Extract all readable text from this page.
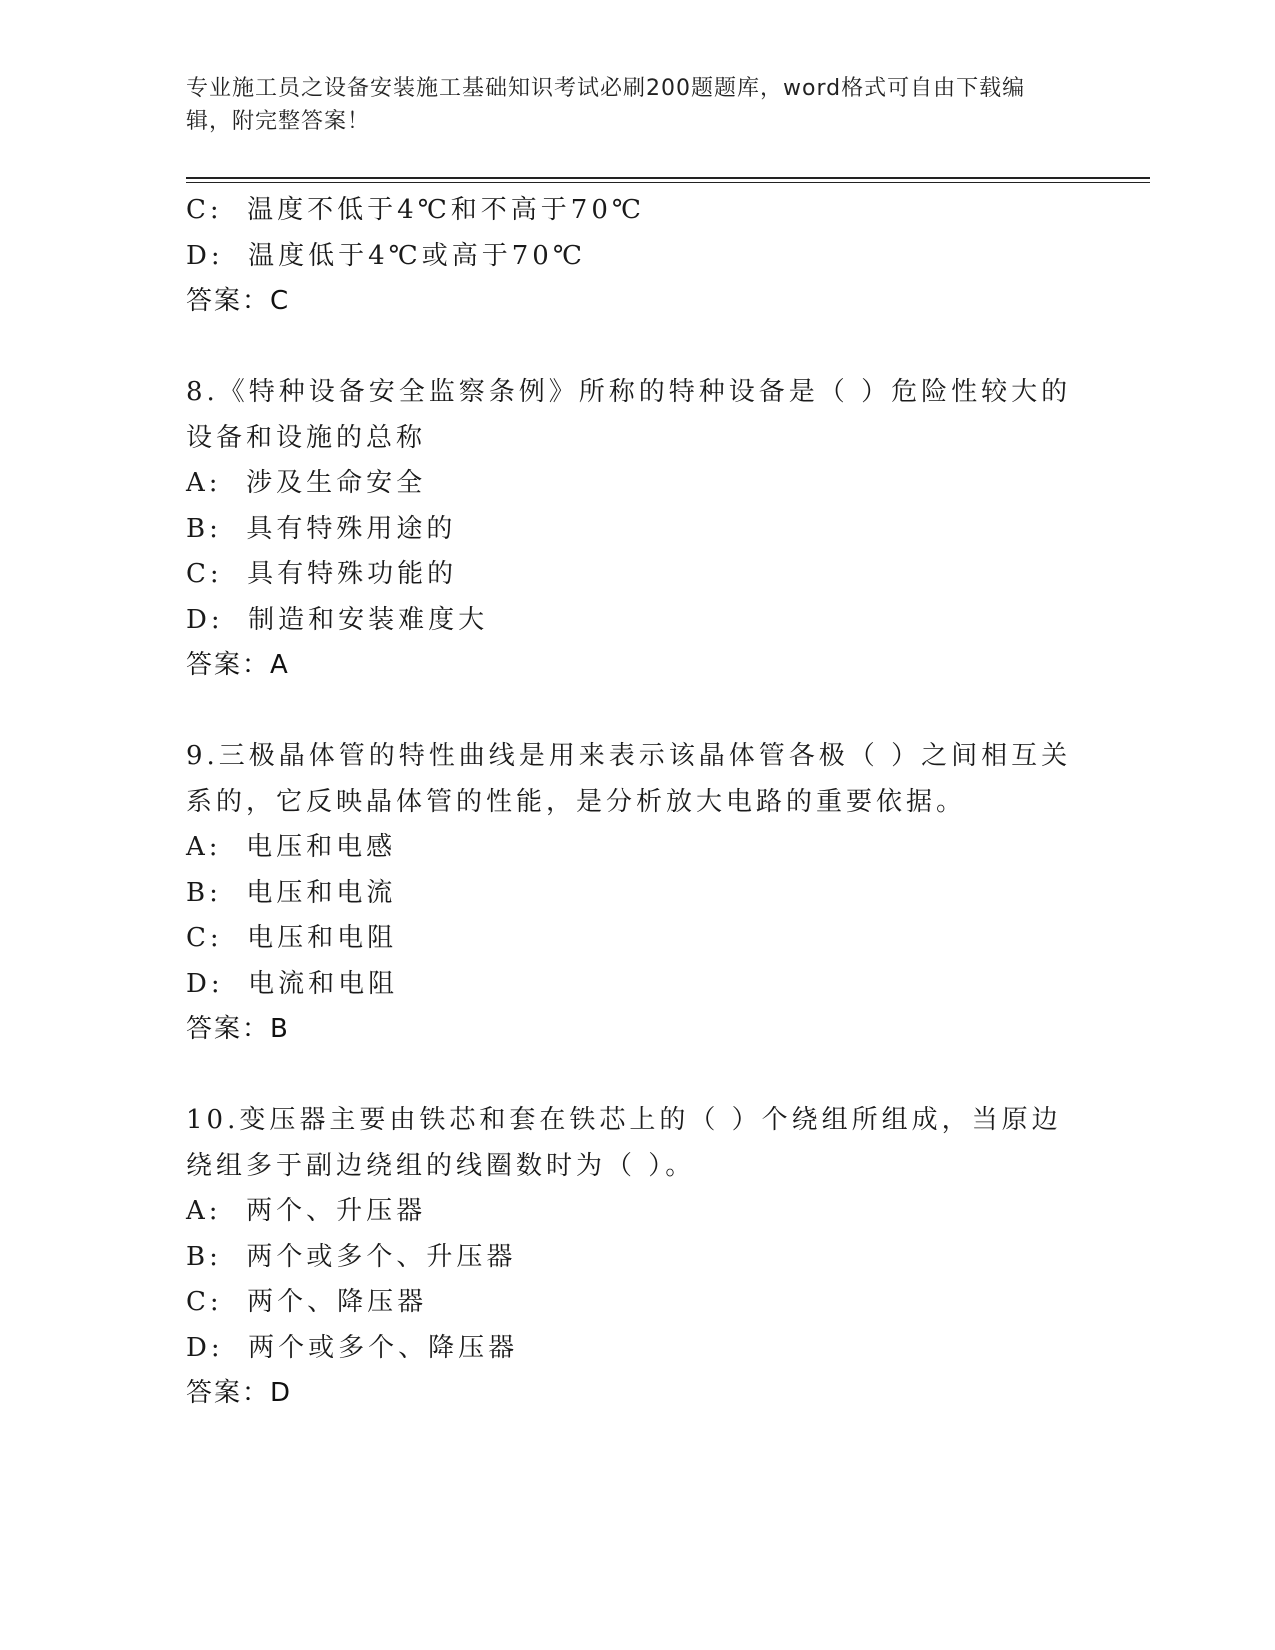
专业施工员之设备安装施工基础知识考试必刷200题题库，word格式可自由下载编辑，附完整答案！
C:  温度不低于4℃和不高于70℃
D:  温度低于4℃或高于70℃
答案：C
8.《特种设备安全监察条例》所称的特种设备是（ ）危险性较大的设备和设施的总称
A:  涉及生命安全
B:  具有特殊用途的
C:  具有特殊功能的
D:  制造和安装难度大
答案：A
9.三极晶体管的特性曲线是用来表示该晶体管各极（ ）之间相互关系的，它反映晶体管的性能，是分析放大电路的重要依据。
A:  电压和电感
B:  电压和电流
C:  电压和电阻
D:  电流和电阻
答案：B
10.变压器主要由铁芯和套在铁芯上的（ ）个绕组所组成，当原边绕组多于副边绕组的线圈数时为（ ）。
A:  两个、升压器
B:  两个或多个、升压器
C:  两个、降压器
D:  两个或多个、降压器
答案：D
